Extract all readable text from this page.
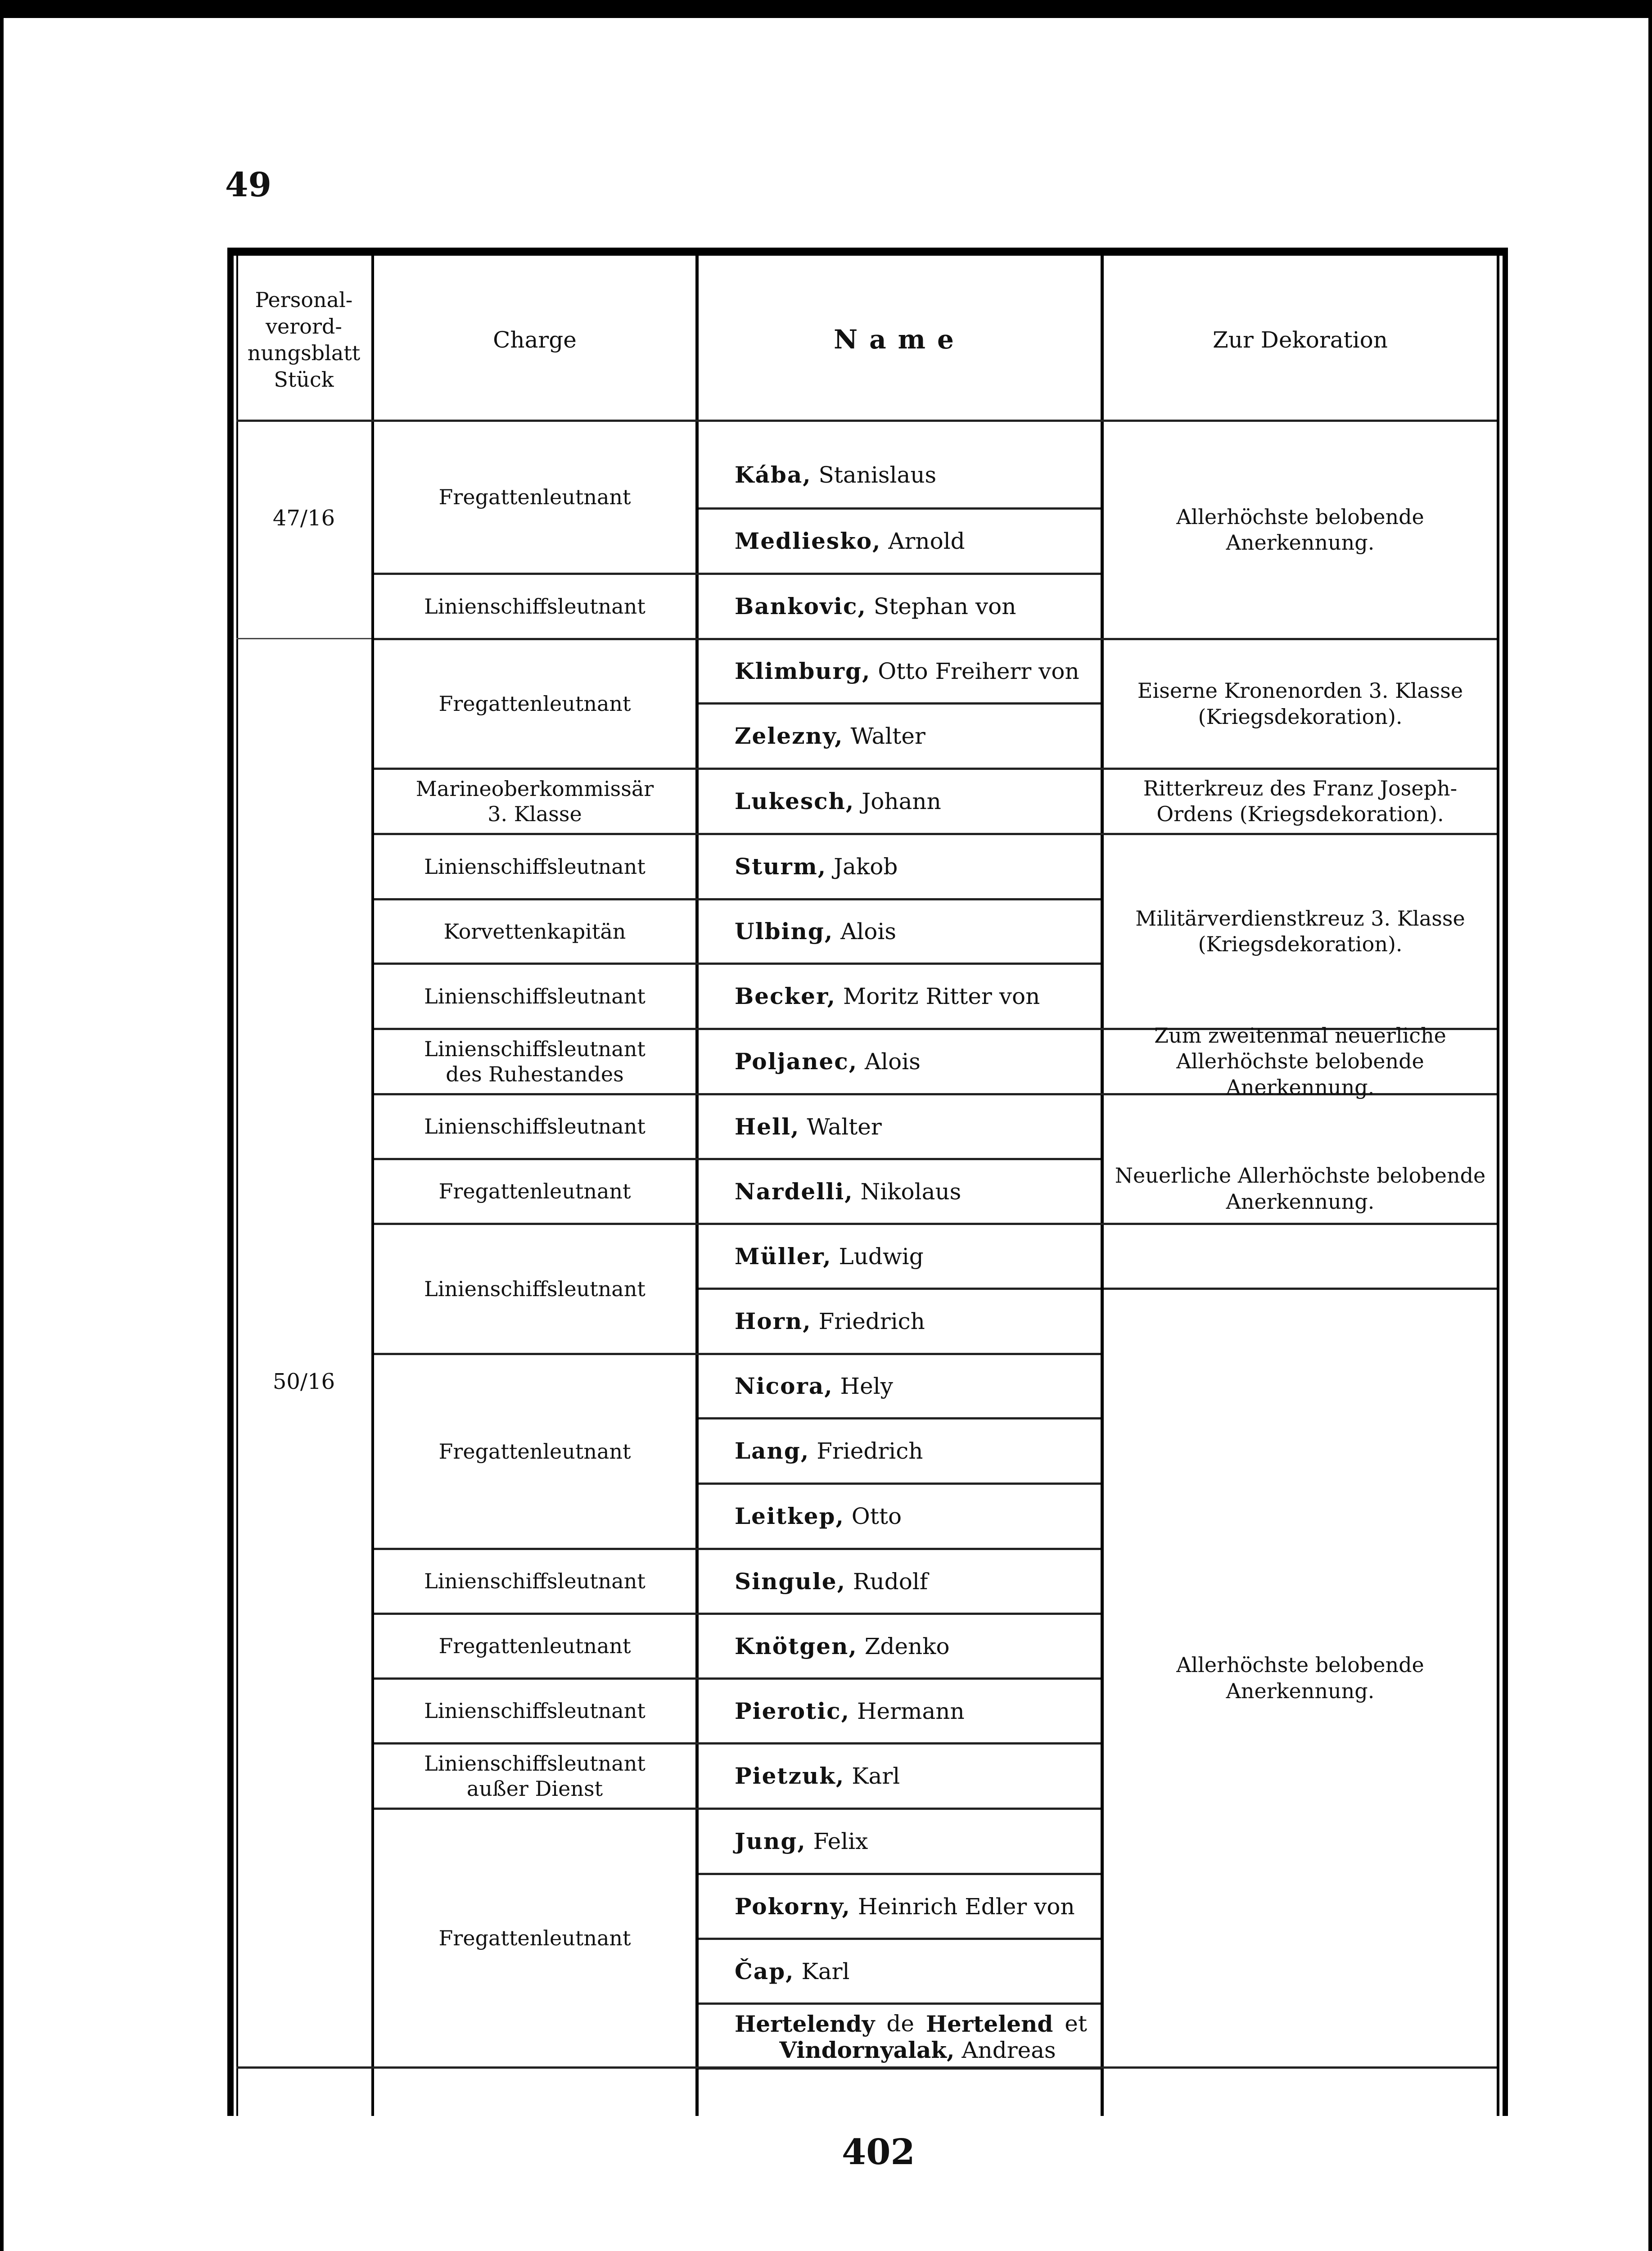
49
Personal-
verord-
nungsblatt
Stück
Charge	Name	Zur Dekoration
47/16
50/16
Fregattenleutnant
Linienschiffsleutnant
Fregattenleutnant
Marineoberkommissär
3. Klasse
Linienschiffsleutnant
Korvettenkapitän
Linienschiffsleutnant
Linienschiffsleutnant
des Ruhestandes
Linienschiffsleutnant
Fregattenleutnant
Linienschiffsleutnant
Fregattenleutnant
Linienschiffsleutnant
Fregattenleutnant
Linienschiffsleutnant
Linienschiffsleutnant
außer Dienst
Fregattenleutnant
Kába,
Stanislaus
Medliesko,
Arnold
Bankovic,
Stephan von
Klimburg,
Otto Freiherr von
Zelezny,
Walter
Lukesch,
Johann
Sturm,
Jakob
Ulbing,
Alois
Becker,
Moritz Ritter von
Poljanec,
Alois
Hell,
Walter
Nardelli,
Nikolaus
Müller,
Ludwig
Horn,
Friedrich
Nicora,
Hely
Lang,
Friedrich
Leitkep,
Otto
Singule,
Rudolf
Knötgen,
Zdenko
Pierotic,
Hermann
Pietzuk,
Karl
Jung,
Felix
Pokorny,
Heinrich Edler von
Čap,
Karl
Hertelendy de Hertelend et
Vindornyalak, Andreas
Allerhöchste belobende Anerkennung.
Eiserne Kronenorden 3. Klasse
(Kriegsdekoration).
Ritterkreuz des Franz Joseph-
Ordens (Kriegsdekoration).
Militärverdienstkreuz 3. Klasse
(Kriegsdekoration).
Zum zweitenmal neuerliche
Allerhöchste belobende Anerkennung.
Neuerliche Allerhöchste belobende
Anerkennung.
Allerhöchste belobende Anerkennung.
402
